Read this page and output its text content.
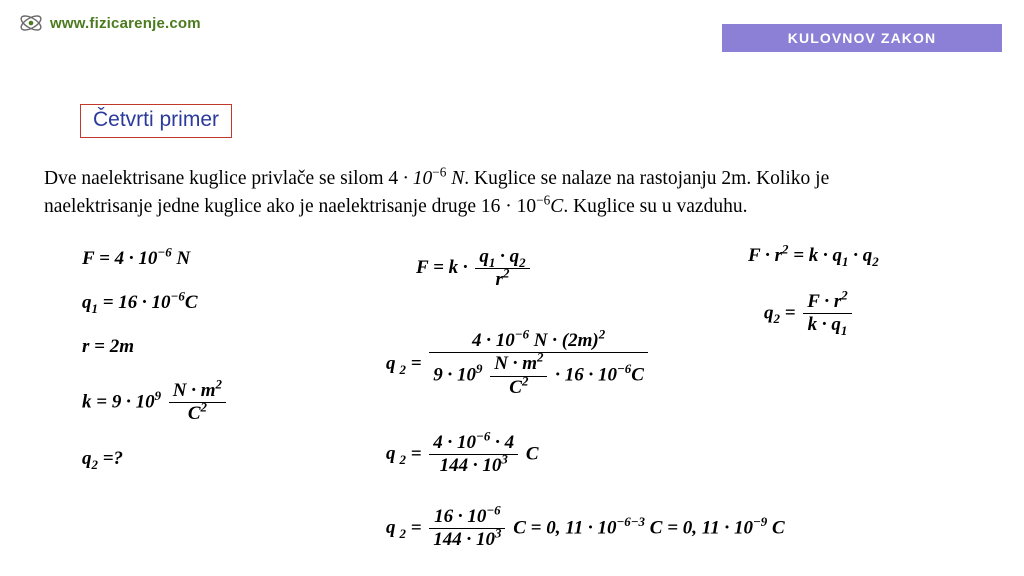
www.fizicarenje.com
KULOVNOV ZAKON
Četvrti primer
Dve naelektrisane kuglice privlače se silom $4 \cdot 10^{-6}$ N. Kuglice se nalaze na rastojanju 2m. Koliko je
naelektrisanje jedne kuglice ako je naelektrisanje druge $16 \cdot 10^{-6}C$. Kuglice su u vazduhu.
$F = 4 \cdot 10^{-6}$ N
$q_1 = 16 \cdot 10^{-6}C$
r = 2m
$k = 9 \cdot 10^9 \frac{N \cdot m^2}{C^2}$
$q_2$ =?
$F = k \cdot \frac{q_1 \cdot q_2}{r^2}$	$F \cdot r^2 = k \cdot q_1 \cdot q_2$
$q_2 = \frac{F \cdot r^2}{k \cdot q_1}$
q $_2$ =
$4 \cdot 10^{-6}$ $N \cdot (2m)^2$
$9 \cdot 10^9 \frac{N \cdot m^2}{C^2} \cdot 16 \cdot 10^{-6}C$
q $_2 = \frac{4 \cdot 10^{-6} \cdot 4}{144 \cdot 10^3}$ C
q $_2 = \frac{16 \cdot 10^{-6}}{144 \cdot 10^3}$ C = 0, $11 \cdot 10^{-6-3}$ C = 0, $11 \cdot 10^{-9}$ C
